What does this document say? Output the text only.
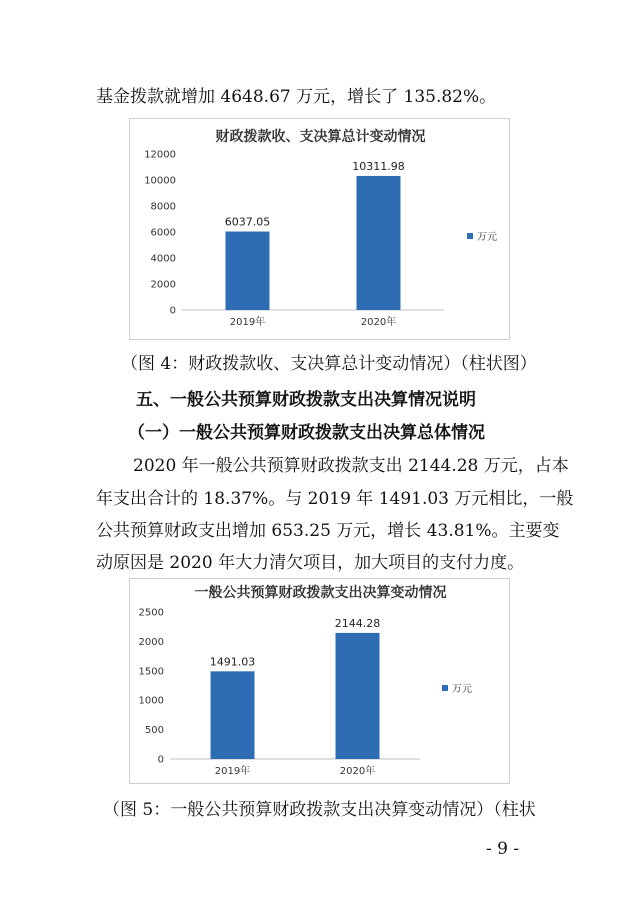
基金拨款就增加 4648.67 万元，增长了 135.82%。
财政拨款收、支决算总计变动情况
0
2000
4000
6000
8000
10000
12000
6037.05
2019年
10311.98
2020年
万元
（图 4：财政拨款收、支决算总计变动情况）（柱状图）
五、一般公共预算财政拨款支出决算情况说明
（一）一般公共预算财政拨款支出决算总体情况
2020 年一般公共预算财政拨款支出 2144.28 万元，占本
年支出合计的 18.37%。与 2019 年 1491.03 万元相比，一般
公共预算财政支出增加 653.25 万元，增长 43.81%。主要变
动原因是 2020 年大力清欠项目，加大项目的支付力度。
一般公共预算财政拨款支出决算变动情况
0
500
1000
1500
2000
2500
1491.03
2019年
2144.28
2020年
万元
（图 5：一般公共预算财政拨款支出决算变动情况）（柱状
- 9 -
